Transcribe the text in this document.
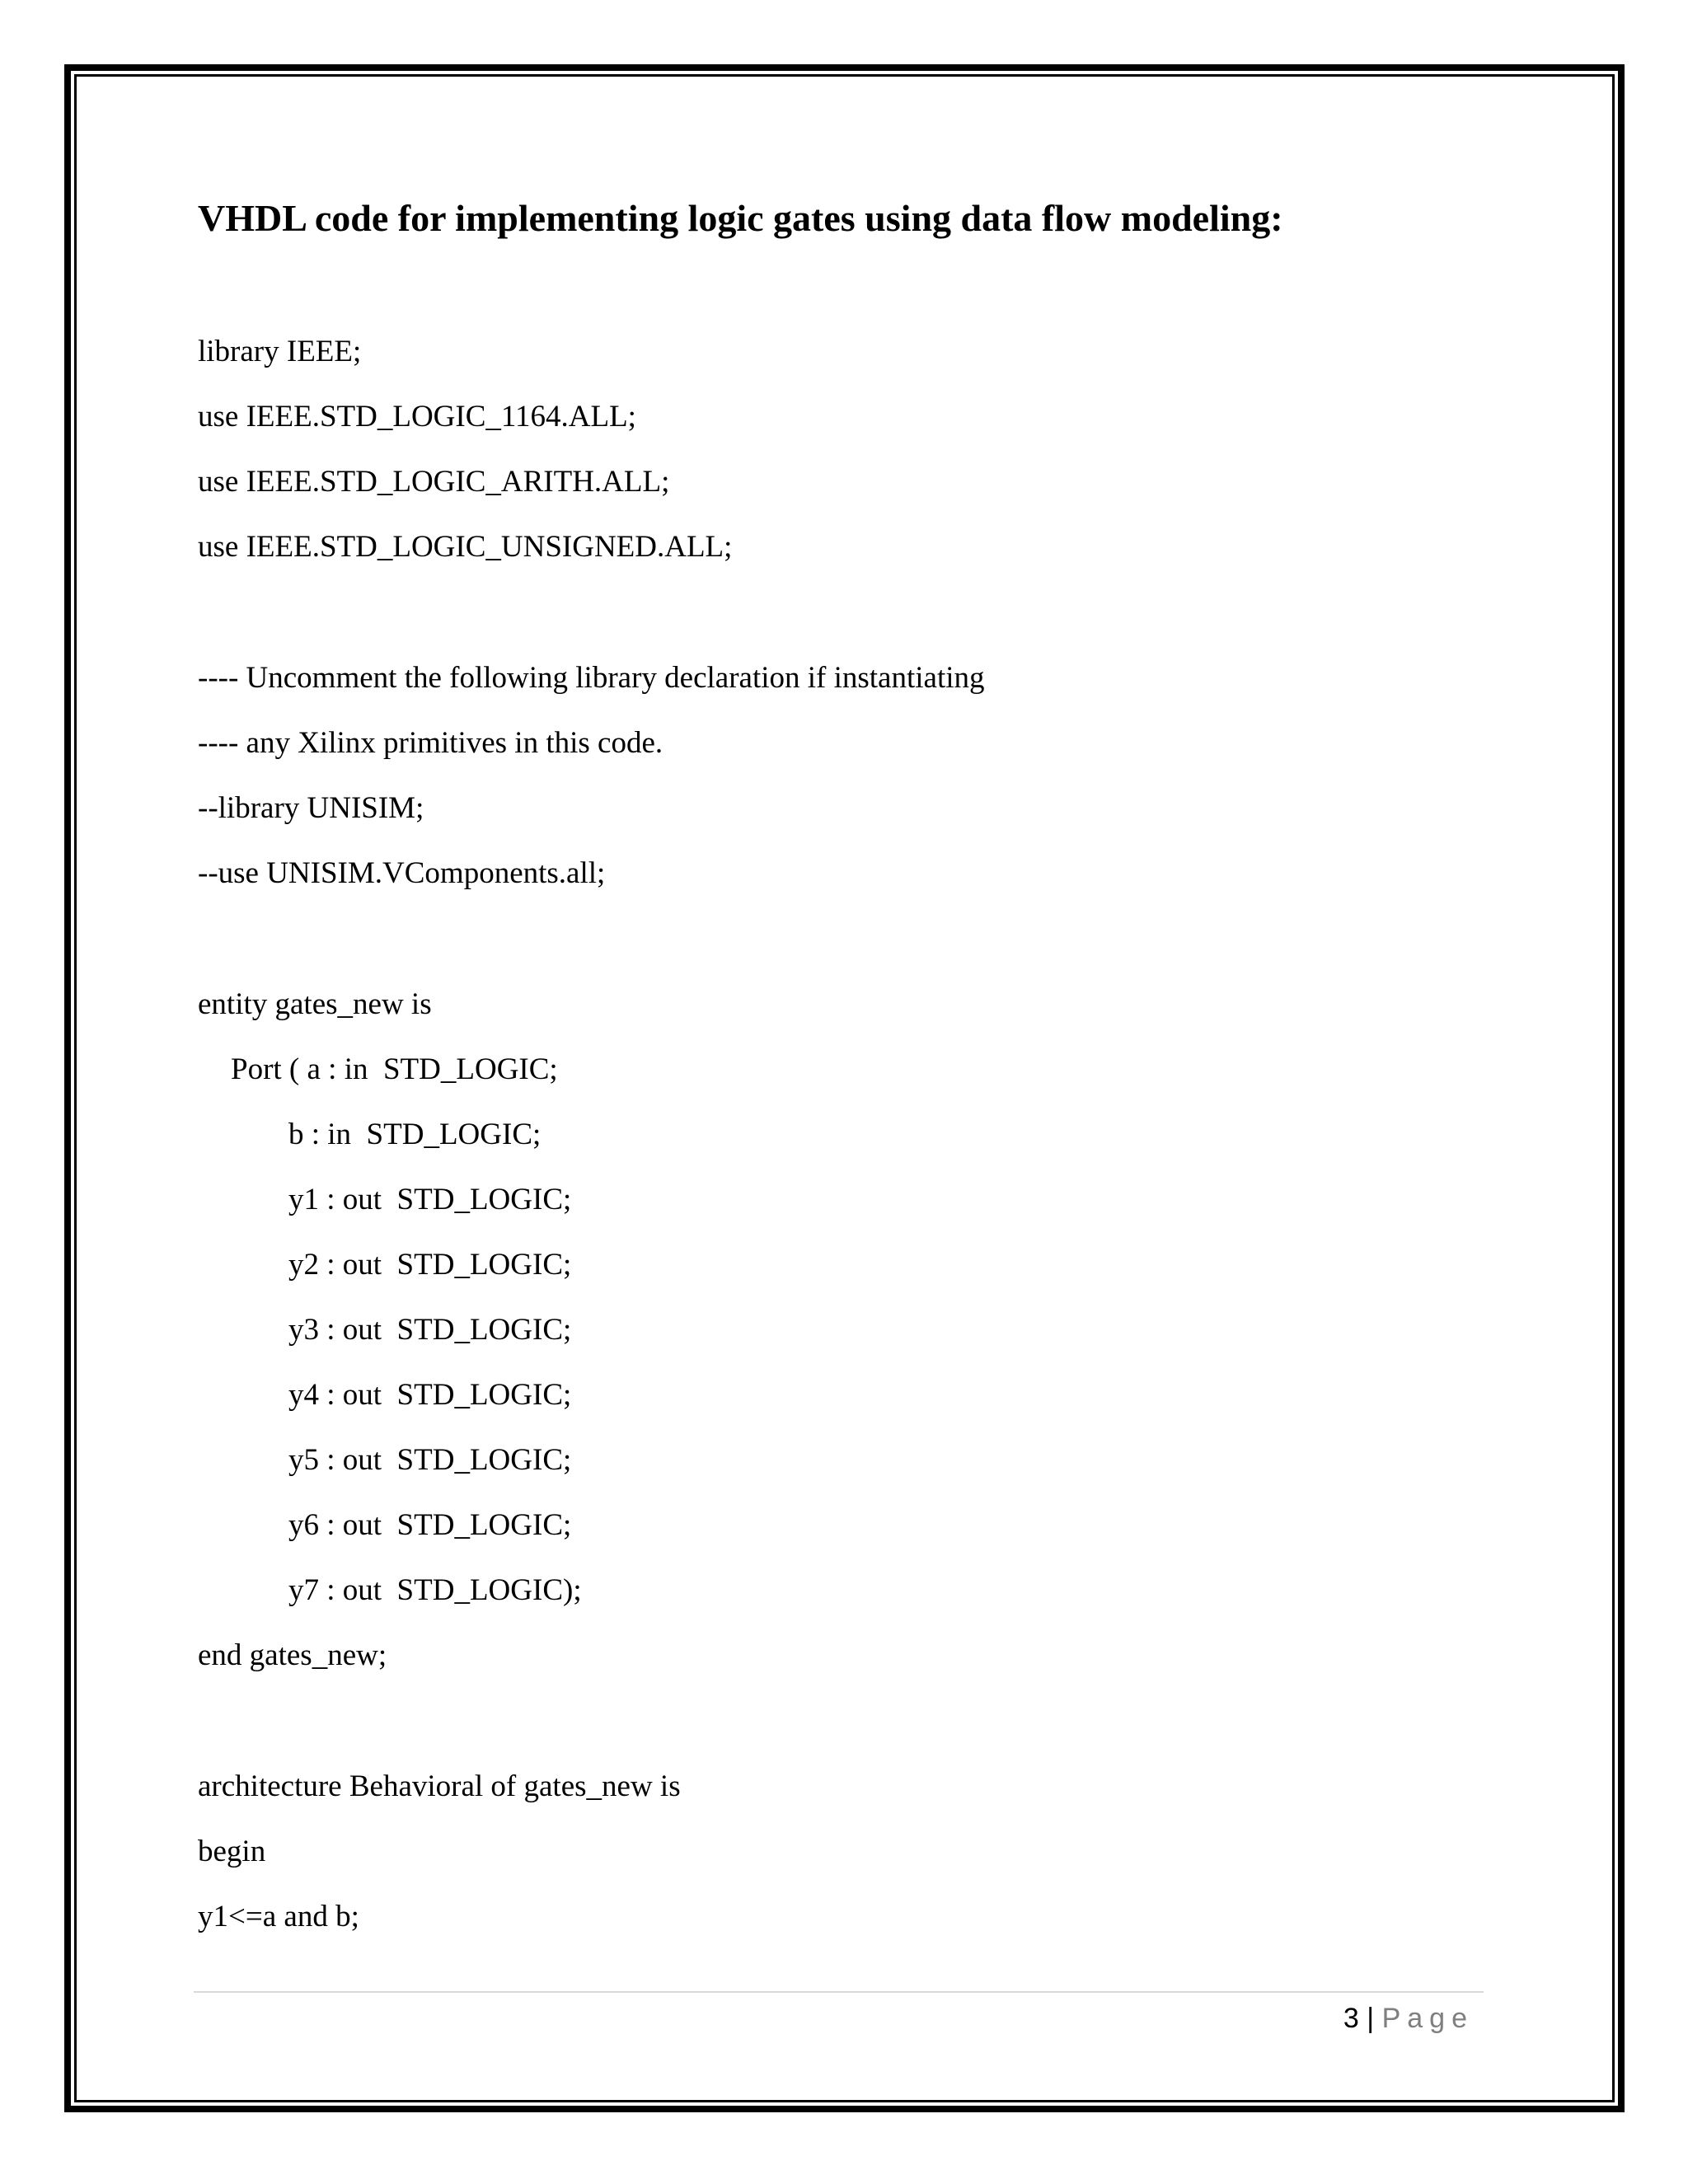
VHDL code for implementing logic gates using data flow modeling:
library IEEE;
use IEEE.STD_LOGIC_1164.ALL;
use IEEE.STD_LOGIC_ARITH.ALL;
use IEEE.STD_LOGIC_UNSIGNED.ALL;
---- Uncomment the following library declaration if instantiating
---- any Xilinx primitives in this code.
--library UNISIM;
--use UNISIM.VComponents.all;
entity gates_new is
Port ( a : in  STD_LOGIC;
b : in  STD_LOGIC;
y1 : out  STD_LOGIC;
y2 : out  STD_LOGIC;
y3 : out  STD_LOGIC;
y4 : out  STD_LOGIC;
y5 : out  STD_LOGIC;
y6 : out  STD_LOGIC;
y7 : out  STD_LOGIC);
end gates_new;
architecture Behavioral of gates_new is
begin
y1<=a and b;
3 | Page
